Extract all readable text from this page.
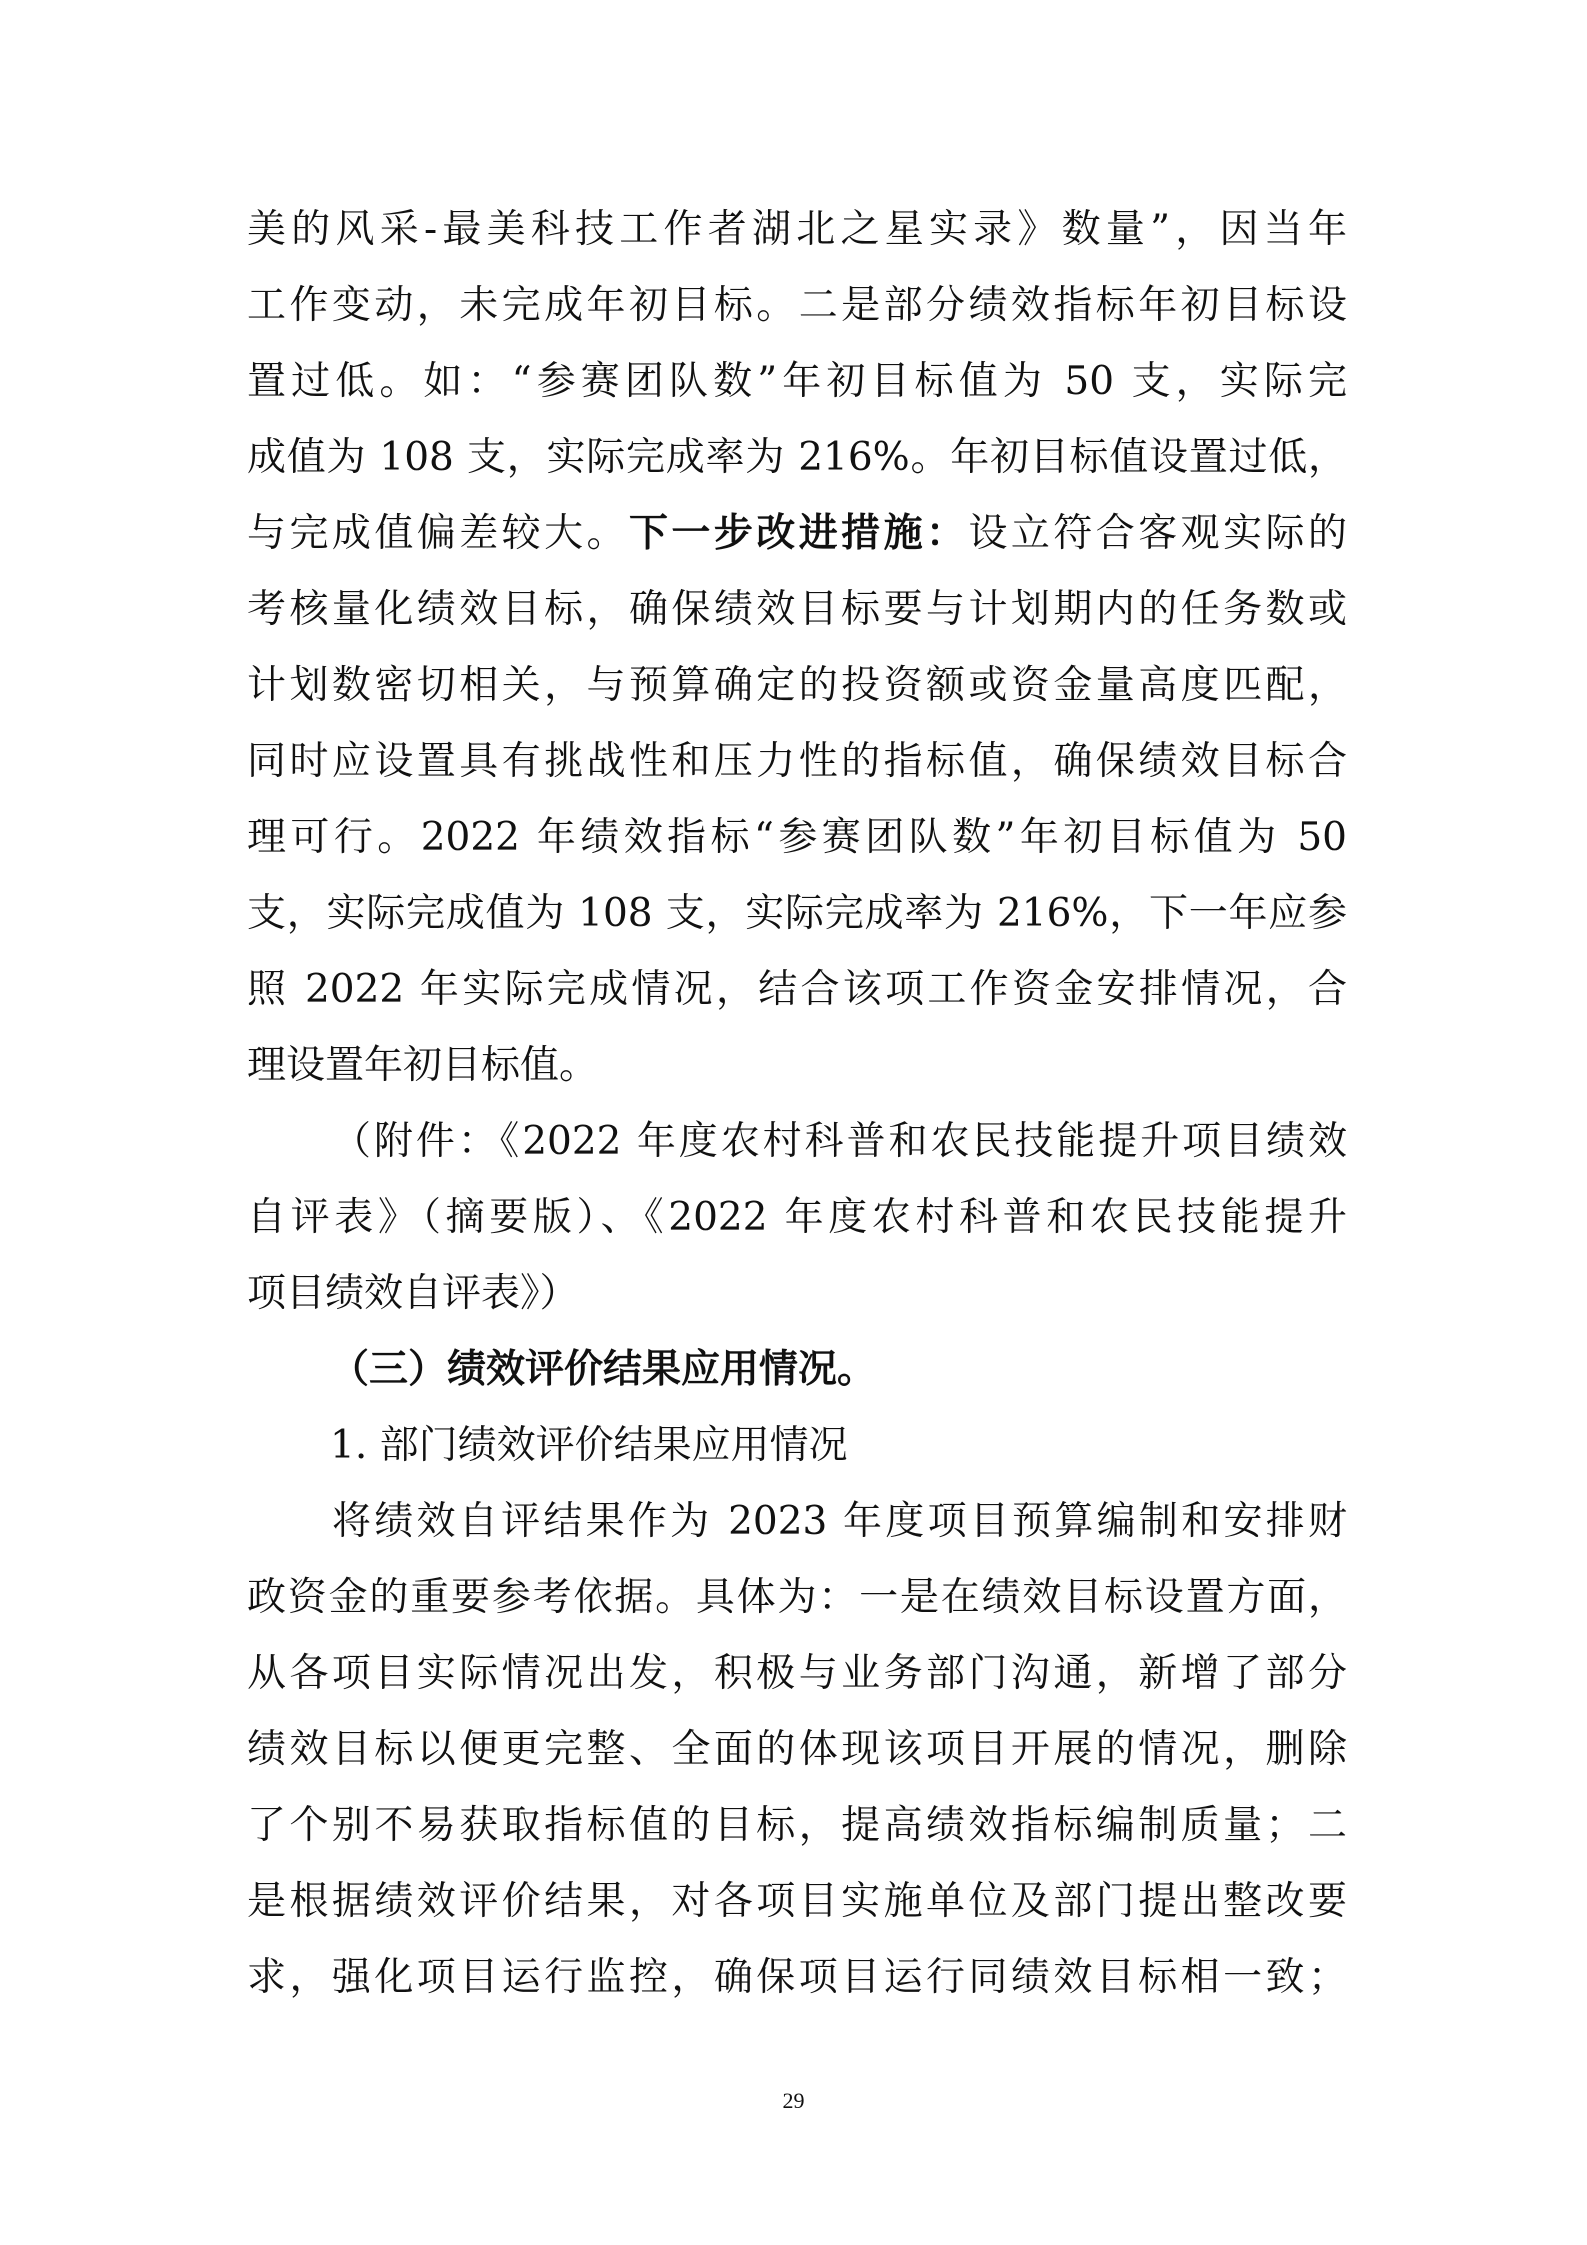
美的风采-最美科技工作者湖北之星实录》数量”，因当年
工作变动，未完成年初目标。二是部分绩效指标年初目标设
置过低。如：“参赛团队数”年初目标值为 50 支，实际完
成值为 108 支，实际完成率为 216%。年初目标值设置过低，
与完成值偏差较大。下一步改进措施：设立符合客观实际的
考核量化绩效目标，确保绩效目标要与计划期内的任务数或
计划数密切相关，与预算确定的投资额或资金量高度匹配，
同时应设置具有挑战性和压力性的指标值，确保绩效目标合
理可行。2022 年绩效指标“参赛团队数”年初目标值为 50
支，实际完成值为 108 支，实际完成率为 216%，下一年应参
照 2022 年实际完成情况，结合该项工作资金安排情况，合
理设置年初目标值。
（附件：《2022 年度农村科普和农民技能提升项目绩效
自评表》（摘要版）、《2022 年度农村科普和农民技能提升
项目绩效自评表》）
（三）绩效评价结果应用情况。
1. 部门绩效评价结果应用情况
将绩效自评结果作为 2023 年度项目预算编制和安排财
政资金的重要参考依据。具体为：一是在绩效目标设置方面，
从各项目实际情况出发，积极与业务部门沟通，新增了部分
绩效目标以便更完整、全面的体现该项目开展的情况，删除
了个别不易获取指标值的目标，提高绩效指标编制质量；二
是根据绩效评价结果，对各项目实施单位及部门提出整改要
求，强化项目运行监控，确保项目运行同绩效目标相一致；
29
